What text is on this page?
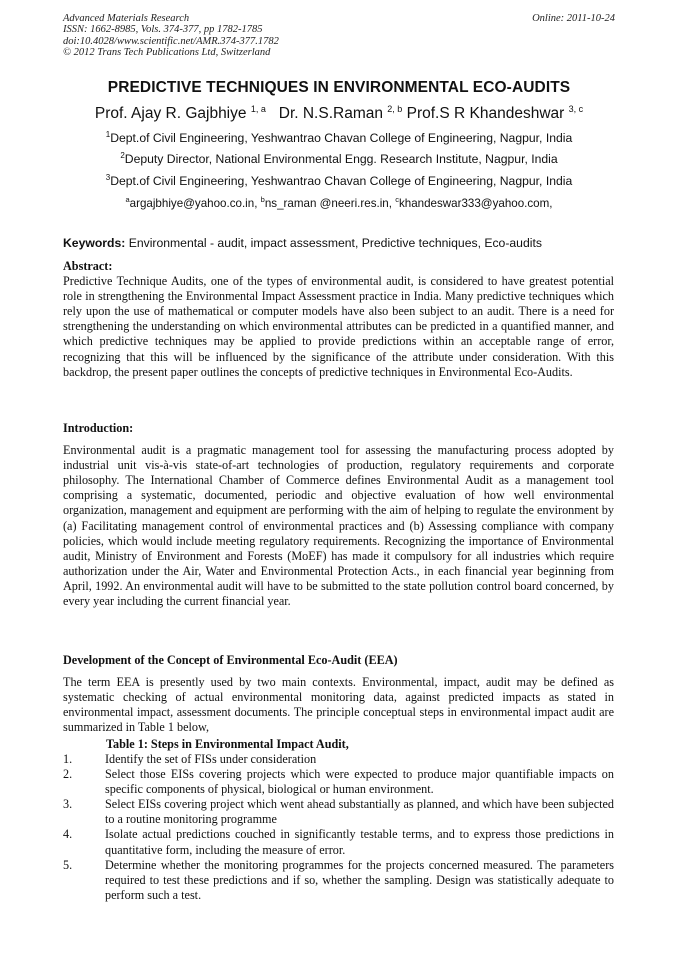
Advanced Materials Research
ISSN: 1662-8985, Vols. 374-377, pp 1782-1785
doi:10.4028/www.scientific.net/AMR.374-377.1782
© 2012 Trans Tech Publications Ltd, Switzerland
Online: 2011-10-24
PREDICTIVE TECHNIQUES IN ENVIRONMENTAL ECO-AUDITS
Prof. Ajay R. Gajbhiye $^{1, a}$ Dr. N.S.Raman $^{2, b}$ Prof.S R Khandeshwar $^{3, c}$
$^1$Dept.of Civil Engineering, Yeshwantrao Chavan College of Engineering, Nagpur, India
$^2$Deputy Director, National Environmental Engg. Research Institute, Nagpur, India
$^3$Dept.of Civil Engineering, Yeshwantrao Chavan College of Engineering, Nagpur, India
$^a$argajbhiye@yahoo.co.in, $^b$ns_raman @neeri.res.in, $^c$khandeswar333@yahoo.com,
Keywords: Environmental - audit, impact assessment, Predictive techniques, Eco-audits
Abstract:

Predictive Technique Audits, one of the types of environmental audit, is considered to have greatest potential role in strengthening the Environmental Impact Assessment practice in India. Many predictive techniques which rely upon the use of mathematical or computer models have also been subject to an audit. There is a need for strengthening the understanding on which environmental attributes can be predicted in a quantified manner, and which predictive techniques may be applied to provide predictions within an acceptable range of error, recognizing that this will be influenced by the significance of the attribute under consideration. With this backdrop, the present paper outlines the concepts of predictive techniques in Environmental Eco-Audits.

Introduction:

Environmental audit is a pragmatic management tool for assessing the manufacturing process adopted by industrial unit vis-à-vis state-of-art technologies of production, regulatory requirements and corporate philosophy. The International Chamber of Commerce defines Environmental Audit as a management tool comprising a systematic, documented, periodic and objective evaluation of how well environmental organization, management and equipment are performing with the aim of helping to regulate the environment by (a) Facilitating management control of environmental practices and (b) Assessing compliance with company policies, which would include meeting regulatory requirements. Recognizing the importance of Environmental audit, Ministry of Environment and Forests (MoEF) has made it compulsory for all industries which require authorization under the Air, Water and Environmental Protection Acts., in each financial year beginning from April, 1992. An environmental audit will have to be submitted to the state pollution control board concerned, by every year including the current financial year.

Development of the Concept of Environmental Eco-Audit (EEA)

The term EEA is presently used by two main contexts. Environmental, impact, audit may be defined as systematic checking of actual environmental monitoring data, against predicted impacts as stated in environmental impact, assessment documents. The principle conceptual steps in environmental impact audit are summarized in Table 1 below,

Table 1: Steps in Environmental Impact Audit,
1.	Identify the set of FISs under consideration
2.	Select those EISs covering projects which were expected to produce major quantifiable impacts on specific components of physical, biological or human environment.
3.	Select EISs covering project which went ahead substantially as planned, and which have been subjected to a routine monitoring programme
4.	Isolate actual predictions couched in significantly testable terms, and to express those predictions in quantitative form, including the measure of error.
5.	Determine whether the monitoring programmes for the projects concerned measured. The parameters required to test these predictions and if so, whether the sampling. Design was statistically adequate to perform such a test.
